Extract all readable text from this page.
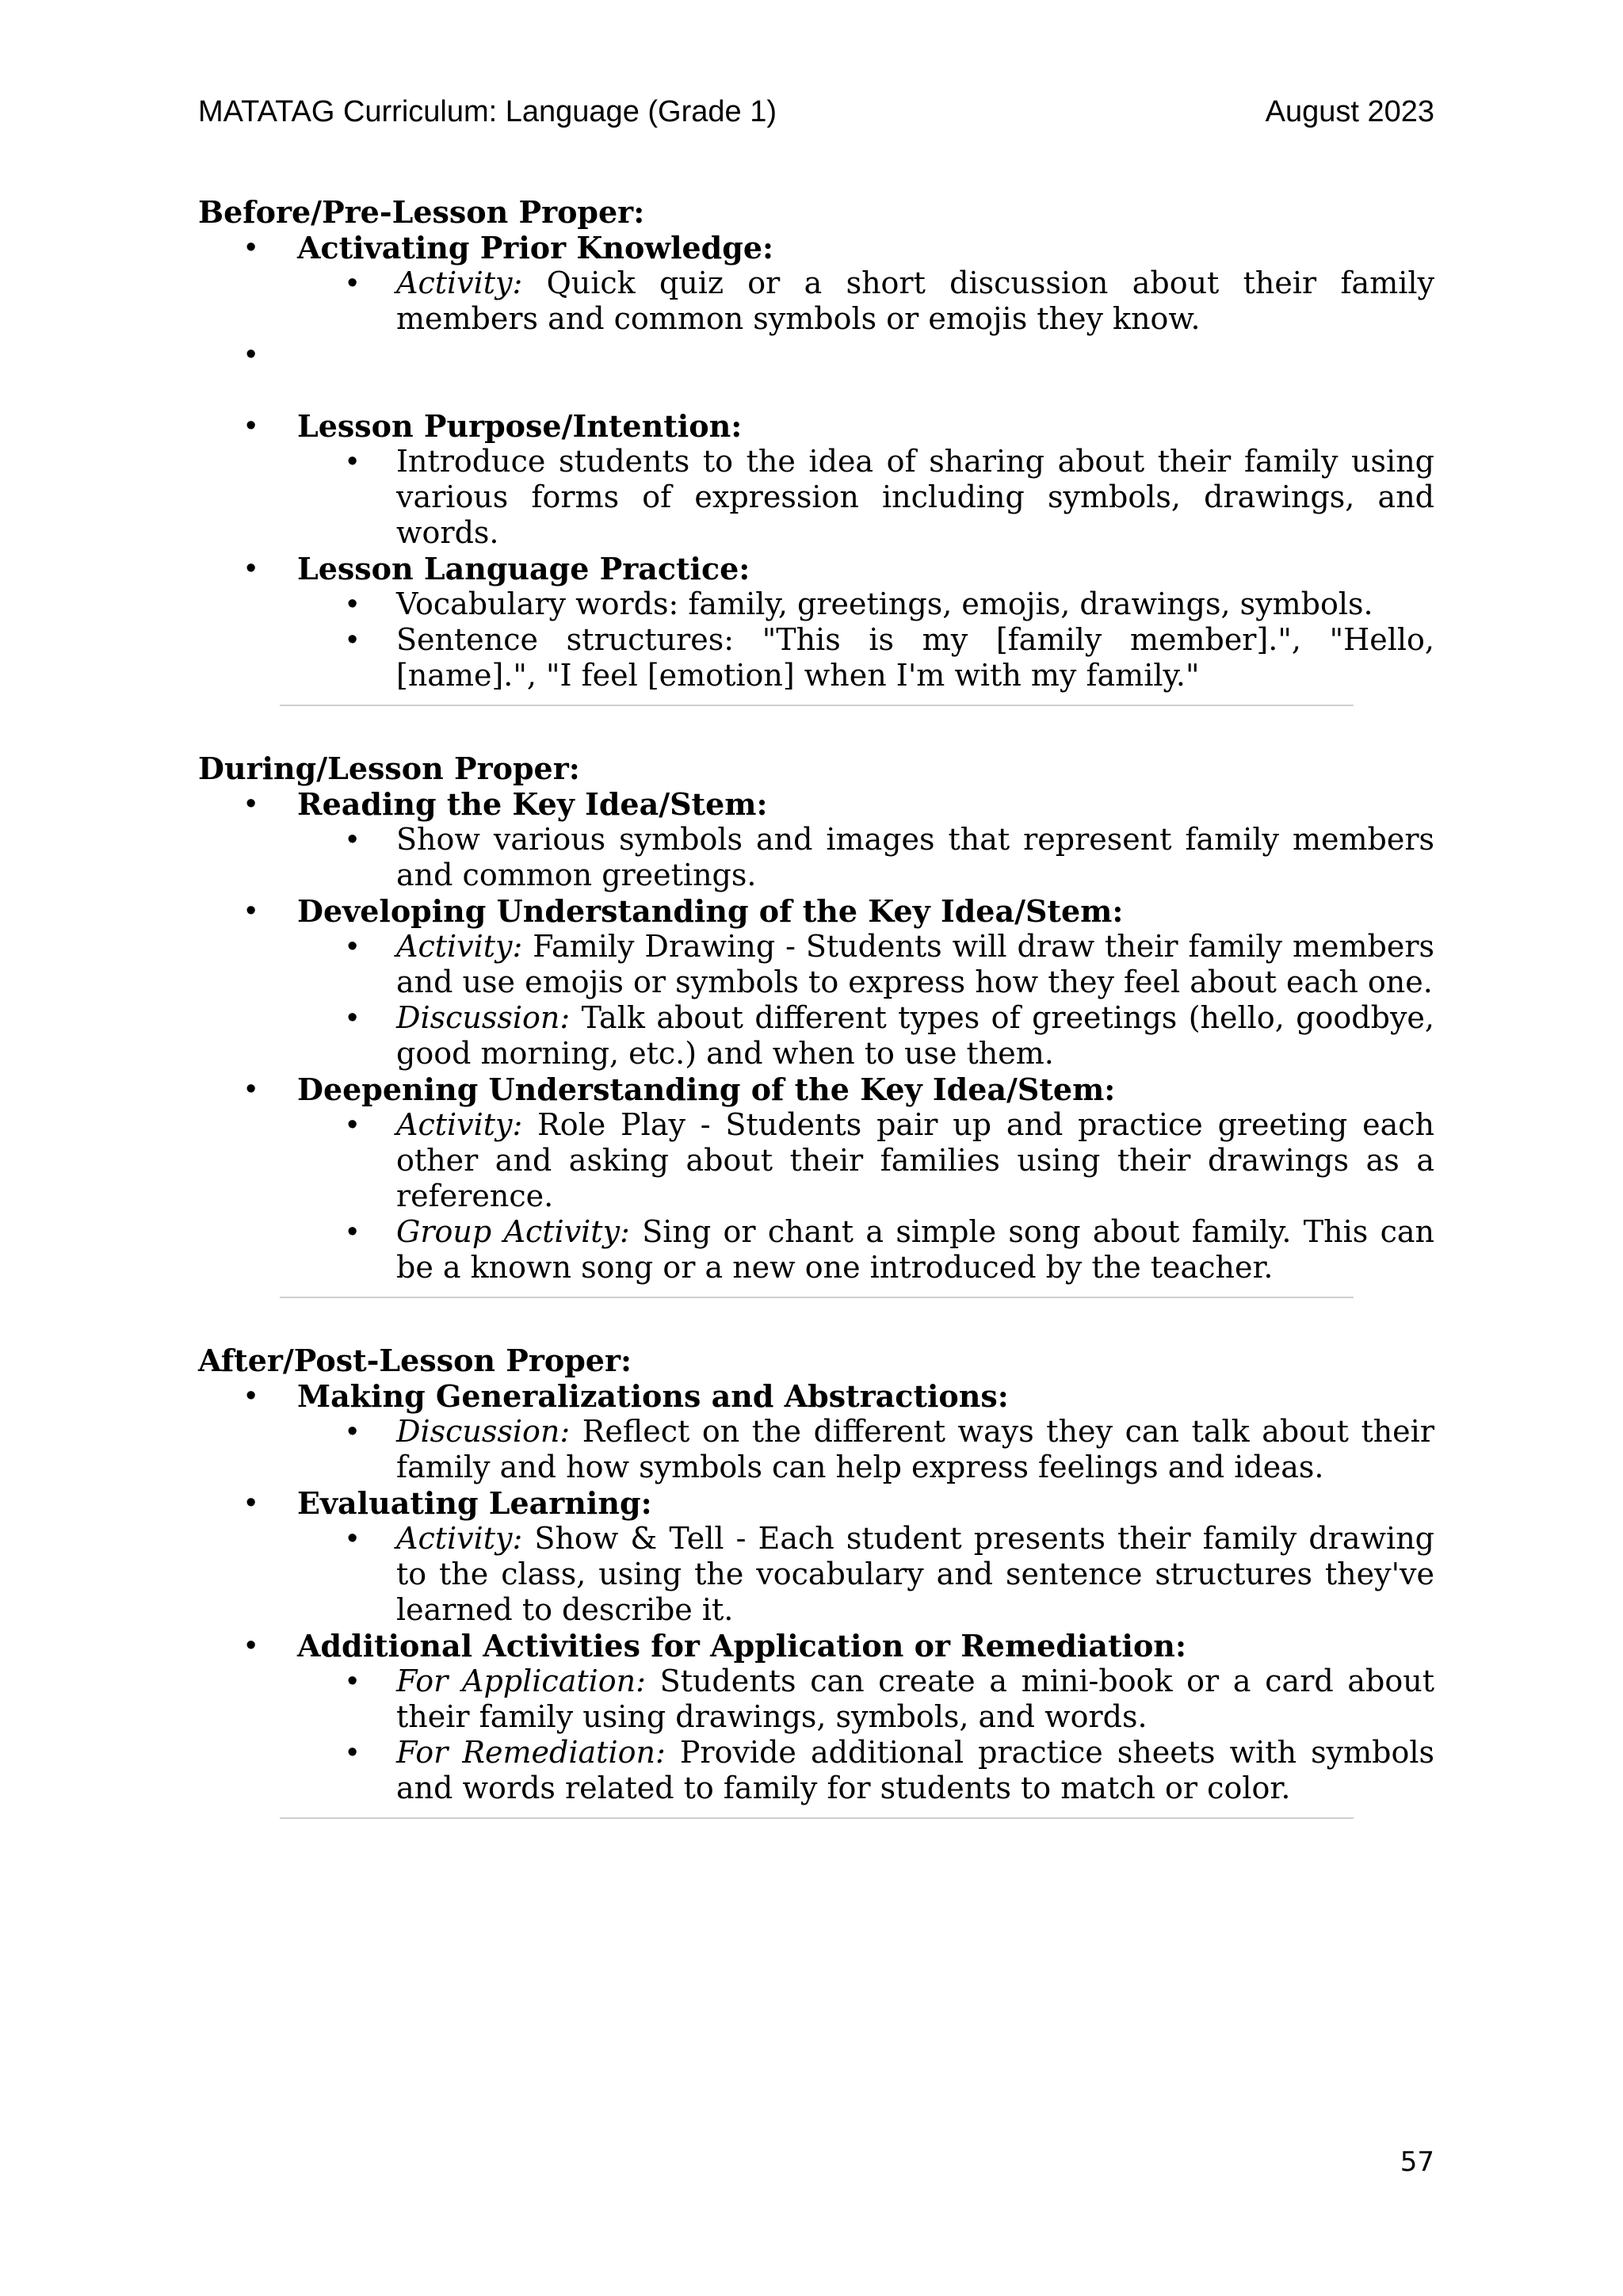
MATATAG Curriculum: Language (Grade 1)	August 2023
Before/Pre-Lesson Proper:
• Activating Prior Knowledge:
• Activity: Quick quiz or a short discussion about their family members and common symbols or emojis they know.
•
• Lesson Purpose/Intention:
• Introduce students to the idea of sharing about their family using various forms of expression including symbols, drawings, and words.
• Lesson Language Practice:
• Vocabulary words: family, greetings, emojis, drawings, symbols.
• Sentence structures: "This is my [family member].", "Hello, [name].", "I feel [emotion] when I'm with my family."
During/Lesson Proper:
• Reading the Key Idea/Stem:
• Show various symbols and images that represent family members and common greetings.
• Developing Understanding of the Key Idea/Stem:
• Activity: Family Drawing - Students will draw their family members and use emojis or symbols to express how they feel about each one.
• Discussion: Talk about different types of greetings (hello, goodbye, good morning, etc.) and when to use them.
• Deepening Understanding of the Key Idea/Stem:
• Activity: Role Play - Students pair up and practice greeting each other and asking about their families using their drawings as a reference.
• Group Activity: Sing or chant a simple song about family. This can be a known song or a new one introduced by the teacher.
After/Post-Lesson Proper:
• Making Generalizations and Abstractions:
• Discussion: Reflect on the different ways they can talk about their family and how symbols can help express feelings and ideas.
• Evaluating Learning:
• Activity: Show & Tell - Each student presents their family drawing to the class, using the vocabulary and sentence structures they've learned to describe it.
• Additional Activities for Application or Remediation:
• For Application: Students can create a mini-book or a card about their family using drawings, symbols, and words.
• For Remediation: Provide additional practice sheets with symbols and words related to family for students to match or color.
57
